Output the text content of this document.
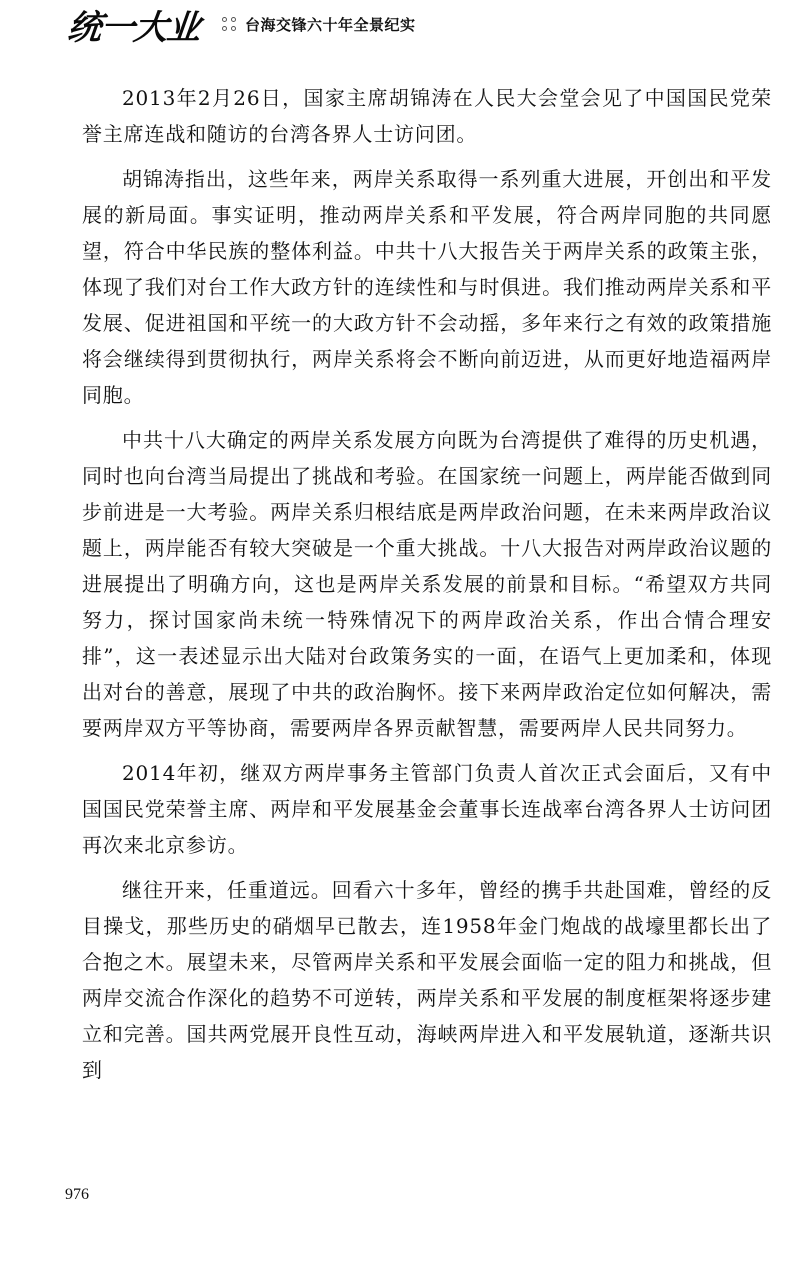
统一大业	台海交锋六十年全景纪实

2013年2月26日，国家主席胡锦涛在人民大会堂会见了中国国民党荣誉主席连战和随访的台湾各界人士访问团。

胡锦涛指出，这些年来，两岸关系取得一系列重大进展，开创出和平发展的新局面。事实证明，推动两岸关系和平发展，符合两岸同胞的共同愿望，符合中华民族的整体利益。中共十八大报告关于两岸关系的政策主张，体现了我们对台工作大政方针的连续性和与时俱进。我们推动两岸关系和平发展、促进祖国和平统一的大政方针不会动摇，多年来行之有效的政策措施将会继续得到贯彻执行，两岸关系将会不断向前迈进，从而更好地造福两岸同胞。

中共十八大确定的两岸关系发展方向既为台湾提供了难得的历史机遇，同时也向台湾当局提出了挑战和考验。在国家统一问题上，两岸能否做到同步前进是一大考验。两岸关系归根结底是两岸政治问题，在未来两岸政治议题上，两岸能否有较大突破是一个重大挑战。十八大报告对两岸政治议题的进展提出了明确方向，这也是两岸关系发展的前景和目标。“希望双方共同努力，探讨国家尚未统一特殊情况下的两岸政治关系，作出合情合理安排”，这一表述显示出大陆对台政策务实的一面，在语气上更加柔和，体现出对台的善意，展现了中共的政治胸怀。接下来两岸政治定位如何解决，需要两岸双方平等协商，需要两岸各界贡献智慧，需要两岸人民共同努力。

2014年初，继双方两岸事务主管部门负责人首次正式会面后，又有中国国民党荣誉主席、两岸和平发展基金会董事长连战率台湾各界人士访问团再次来北京参访。

继往开来，任重道远。回看六十多年，曾经的携手共赴国难，曾经的反目操戈，那些历史的硝烟早已散去，连1958年金门炮战的战壕里都长出了合抱之木。展望未来，尽管两岸关系和平发展会面临一定的阻力和挑战，但两岸交流合作深化的趋势不可逆转，两岸关系和平发展的制度框架将逐步建立和完善。国共两党展开良性互动，海峡两岸进入和平发展轨道，逐渐共识到

976
